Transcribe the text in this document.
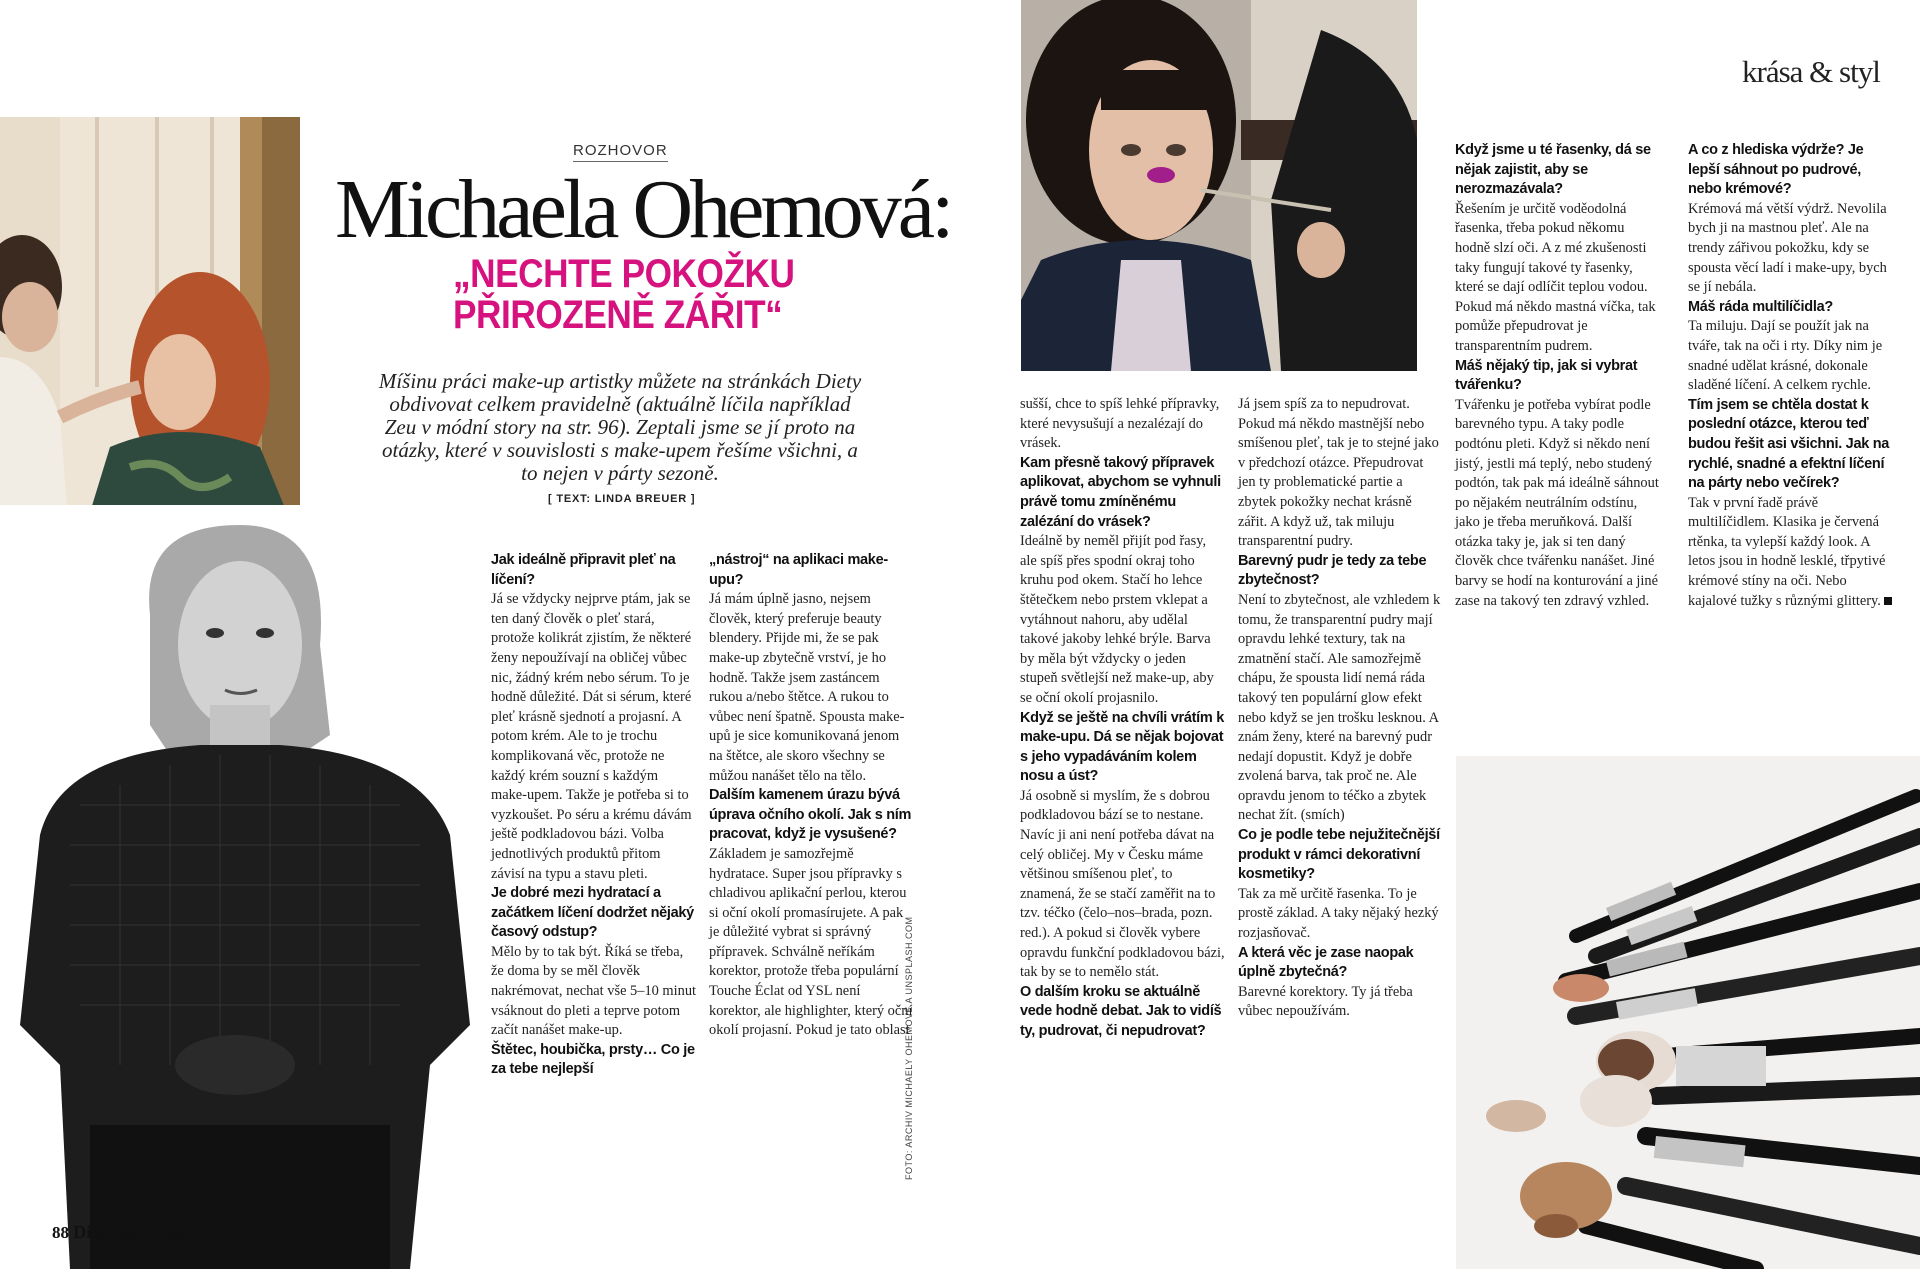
ROZHOVOR
Michaela Ohemová:
„NECHTE POKOŽKU
PŘIROZENĚ ZÁŘIT“
Míšinu práci make-up artistky můžete na stránkách Diety obdivovat celkem pravidelně (aktuálně líčila například Zeu v módní story na str. 96). Zeptali jsme se jí proto na otázky, které v souvislosti s make-upem řešíme všichni, a to nejen v párty sezoně.
[ TEXT: LINDA BREUER ]
krása & styl
FOTO: ARCHIV MICHAELY OHEMOVÉ A UNSPLASH.COM
Jak ideálně připravit pleť na líčení?
Já se vždycky nejprve ptám, jak se ten daný člověk o pleť stará, protože kolikrát zjistím, že některé ženy nepoužívají na obličej vůbec nic, žádný krém nebo sérum. To je hodně důležité. Dát si sérum, které pleť krásně sjednotí a projasní. A potom krém. Ale to je trochu komplikovaná věc, protože ne každý krém souzní s každým make-upem. Takže je potřeba si to vyzkoušet. Po séru a krému dávám ještě podkladovou bázi. Volba jednotlivých produktů přitom závisí na typu a stavu pleti.
Je dobré mezi hydratací a začátkem líčení dodržet nějaký časový odstup?
Mělo by to tak být. Říká se třeba, že doma by se měl člověk nakrémovat, nechat vše 5–10 minut vsáknout do pleti a teprve potom začít nanášet make-up.
Štětec, houbička, prsty… Co je za tebe nejlepší
„nástroj“ na aplikaci make-upu?
Já mám úplně jasno, nejsem člověk, který preferuje beauty blendery. Přijde mi, že se pak make-up zbytečně vrství, je ho hodně. Takže jsem zastáncem rukou a/nebo štětce. A rukou to vůbec není špatně. Spousta make-upů je sice komunikovaná jenom na štětce, ale skoro všechny se můžou nanášet tělo na tělo.
Dalším kamenem úrazu bývá úprava očního okolí. Jak s ním pracovat, když je vysušené?
Základem je samozřejmě hydratace. Super jsou přípravky s chladivou aplikační perlou, kterou si oční okolí promasírujete. A pak je důležité vybrat si správný přípravek. Schválně neříkám korektor, protože třeba populární Touche Éclat od YSL není korektor, ale highlighter, který oční okolí projasní. Pokud je tato oblast
sušší, chce to spíš lehké přípravky, které nevysušují a nezalézají do vrásek.
Kam přesně takový přípravek aplikovat, abychom se vyhnuli právě tomu zmíněnému zalézání do vrásek?
Ideálně by neměl přijít pod řasy, ale spíš přes spodní okraj toho kruhu pod okem. Stačí ho lehce štětečkem nebo prstem vklepat a vytáhnout nahoru, aby udělal takové jakoby lehké brýle. Barva by měla být vždycky o jeden stupeň světlejší než make-up, aby se oční okolí projasnilo.
Když se ještě na chvíli vrátím k make-upu. Dá se nějak bojovat s jeho vypadáváním kolem nosu a úst?
Já osobně si myslím, že s dobrou podkladovou bází se to nestane. Navíc ji ani není potřeba dávat na celý obličej. My v Česku máme většinou smíšenou pleť, to znamená, že se stačí zaměřit na to tzv. téčko (čelo–nos–brada, pozn. red.). A pokud si člověk vybere opravdu funkční podkladovou bázi, tak by se to nemělo stát.
O dalším kroku se aktuálně vede hodně debat. Jak to vidíš ty, pudrovat, či nepudrovat?
Já jsem spíš za to nepudrovat. Pokud má někdo mastnější nebo smíšenou pleť, tak je to stejné jako v předchozí otázce. Přepudrovat jen ty problematické partie a zbytek pokožky nechat krásně zářit. A když už, tak miluju transparentní pudry.
Barevný pudr je tedy za tebe zbytečnost?
Není to zbytečnost, ale vzhledem k tomu, že transparentní pudry mají opravdu lehké textury, tak na zmatnění stačí. Ale samozřejmě chápu, že spousta lidí nemá ráda takový ten populární glow efekt nebo když se jen trošku lesknou. A znám ženy, které na barevný pudr nedají dopustit. Když je dobře zvolená barva, tak proč ne. Ale opravdu jenom to téčko a zbytek nechat žít. (smích)
Co je podle tebe nejužitečnější produkt v rámci dekorativní kosmetiky?
Tak za mě určitě řasenka. To je prostě základ. A taky nějaký hezký rozjasňovač.
A která věc je zase naopak úplně zbytečná?
Barevné korektory. Ty já třeba vůbec nepoužívám.
Když jsme u té řasenky, dá se nějak zajistit, aby se nerozmazávala?
Řešením je určitě voděodolná řasenka, třeba pokud někomu hodně slzí oči. A z mé zkušenosti taky fungují takové ty řasenky, které se dají odlíčit teplou vodou. Pokud má někdo mastná víčka, tak pomůže přepudrovat je transparentním pudrem.
Máš nějaký tip, jak si vybrat tvářenku?
Tvářenku je potřeba vybírat podle barevného typu. A taky podle podtónu pleti. Když si někdo není jistý, jestli má teplý, nebo studený podtón, tak pak má ideálně sáhnout po nějakém neutrálním odstínu, jako je třeba meruňková. Další otázka taky je, jak si ten daný člověk chce tvářenku nanášet. Jiné barvy se hodí na konturování a jiné zase na takový ten zdravý vzhled.
A co z hlediska výdrže? Je lepší sáhnout po pudrové, nebo krémové?
Krémová má větší výdrž. Nevolila bych ji na mastnou pleť. Ale na trendy zářivou pokožku, kdy se spousta věcí ladí i make-upy, bych se jí nebála.
Máš ráda multilíčidla?
Ta miluju. Dají se použít jak na tváře, tak na oči i rty. Díky nim je snadné udělat krásné, dokonale sladěné líčení. A celkem rychle.
Tím jsem se chtěla dostat k poslední otázce, kterou teď budou řešit asi všichni. Jak na rychlé, snadné a efektní líčení na párty nebo večírek?
Tak v první řadě právě multilíčidlem. Klasika je červená rtěnka, ta vylepší každý look. A letos jsou in hodně lesklé, třpytivé krémové stíny na oči. Nebo kajalové tužky s různými glittery.
88 Dieta/PROSINEC 2022
